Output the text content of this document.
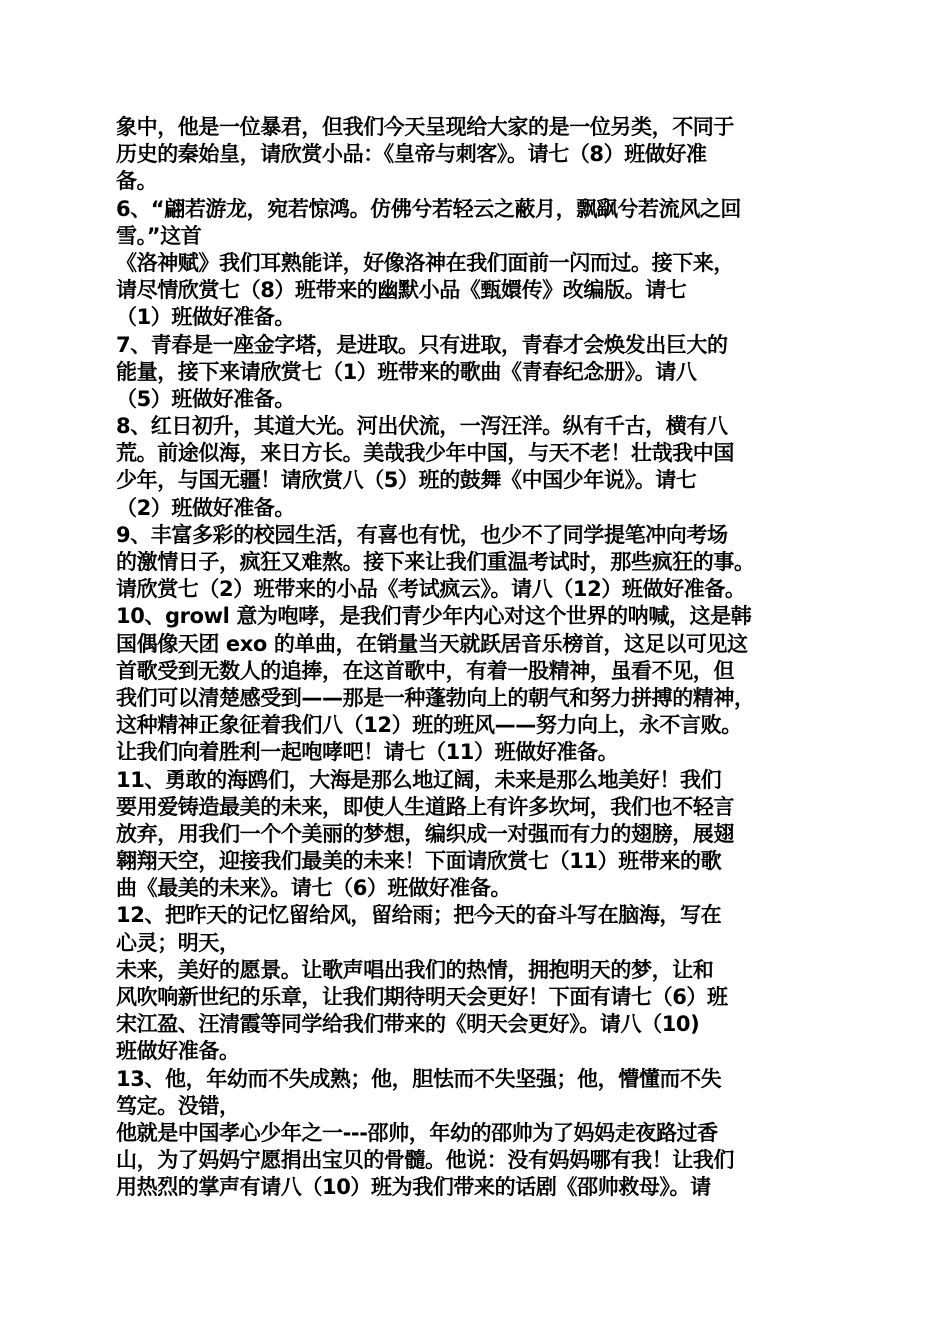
象中，他是一位暴君，但我们今天呈现给大家的是一位另类，不同于
历史的秦始皇，请欣赏小品：《皇帝与刺客》。请七（8）班做好准
备。
6、“翩若游龙，宛若惊鸿。仿佛兮若轻云之蔽月，飘飖兮若流风之回
雪。”这首
《洛神赋》我们耳熟能详，好像洛神在我们面前一闪而过。接下来，
请尽情欣赏七（8）班带来的幽默小品《甄嬛传》改编版。请七
（1）班做好准备。
7、青春是一座金字塔，是进取。只有进取，青春才会焕发出巨大的
能量，接下来请欣赏七（1）班带来的歌曲《青春纪念册》。请八
（5）班做好准备。
8、红日初升，其道大光。河出伏流，一泻汪洋。纵有千古，横有八
荒。前途似海，来日方长。美哉我少年中国，与天不老！壮哉我中国
少年，与国无疆！请欣赏八（5）班的鼓舞《中国少年说》。请七
（2）班做好准备。
9、丰富多彩的校园生活，有喜也有忧，也少不了同学提笔冲向考场
的激情日子，疯狂又难熬。接下来让我们重温考试时，那些疯狂的事。
请欣赏七（2）班带来的小品《考试疯云》。请八（12）班做好准备。
10、growl 意为咆哮，是我们青少年内心对这个世界的呐喊，这是韩
国偶像天团 exo 的单曲，在销量当天就跃居音乐榜首，这足以可见这
首歌受到无数人的追捧，在这首歌中，有着一股精神，虽看不见，但
我们可以清楚感受到——那是一种蓬勃向上的朝气和努力拼搏的精神，
这种精神正象征着我们八（12）班的班风——努力向上，永不言败。
让我们向着胜利一起咆哮吧！请七（11）班做好准备。
11、勇敢的海鸥们，大海是那么地辽阔，未来是那么地美好！我们
要用爱铸造最美的未来，即使人生道路上有许多坎坷，我们也不轻言
放弃，用我们一个个美丽的梦想，编织成一对强而有力的翅膀，展翅
翱翔天空，迎接我们最美的未来！下面请欣赏七（11）班带来的歌
曲《最美的未来》。请七（6）班做好准备。
12、把昨天的记忆留给风，留给雨；把今天的奋斗写在脑海，写在
心灵；明天，
未来，美好的愿景。让歌声唱出我们的热情，拥抱明天的梦，让和
风吹响新世纪的乐章，让我们期待明天会更好！下面有请七（6）班
宋江盈、汪清霞等同学给我们带来的《明天会更好》。请八（10)
班做好准备。
13、他，年幼而不失成熟；他，胆怯而不失坚强；他，懵懂而不失
笃定。没错，
他就是中国孝心少年之一---邵帅，年幼的邵帅为了妈妈走夜路过香
山，为了妈妈宁愿捐出宝贝的骨髓。他说：没有妈妈哪有我！让我们
用热烈的掌声有请八（10）班为我们带来的话剧《邵帅救母》。请
